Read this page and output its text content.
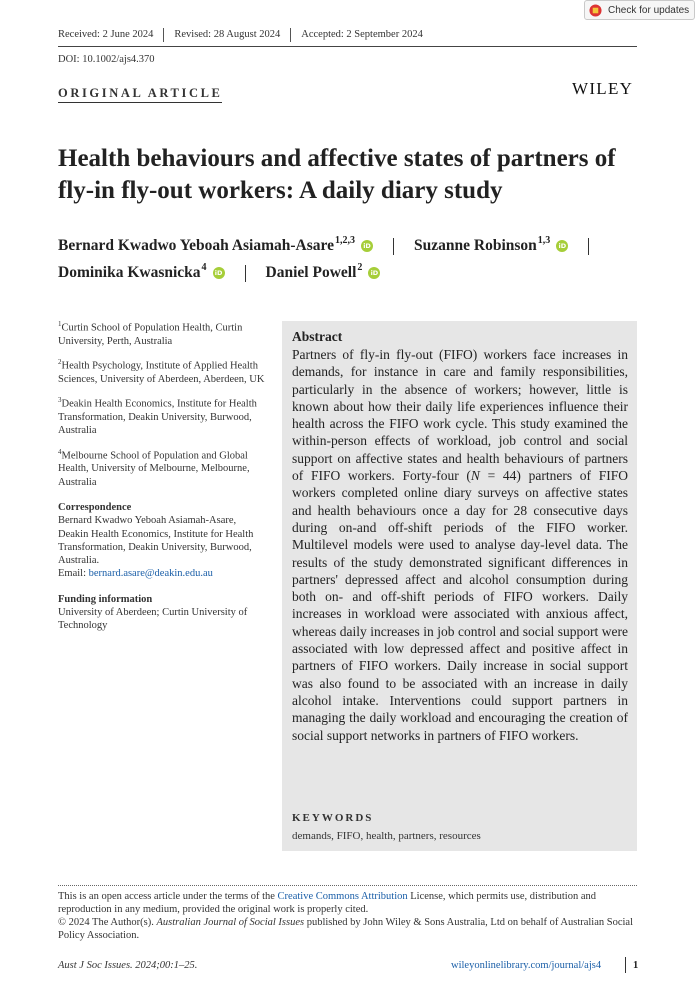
Received: 2 June 2024	Revised: 28 August 2024	Accepted: 2 September 2024
Check for updates
DOI: 10.1002/ajs4.370
ORIGINAL ARTICLE	WILEY
Health behaviours and affective states of partners of fly-in fly-out workers: A daily diary study
Bernard Kwadwo Yeboah Asiamah-Asare$^{1,2,3}$
iD	Suzanne Robinson$^{1,3}$
iD
Dominika Kwasnicka$^4$
iD	Daniel Powell$^2$
iD
$^1$Curtin School of Population Health, Curtin University, Perth, Australia
$^2$Health Psychology, Institute of Applied Health Sciences, University of Aberdeen, Aberdeen, UK
$^3$Deakin Health Economics, Institute for Health Transformation, Deakin University, Burwood, Australia
$^4$Melbourne School of Population and Global Health, University of Melbourne, Melbourne, Australia
Correspondence
Bernard Kwadwo Yeboah Asiamah-Asare, Deakin Health Economics, Institute for Health Transformation, Deakin University, Burwood, Australia.
Email: bernard.asare@deakin.edu.au
Funding information
University of Aberdeen; Curtin University of Technology
Abstract
Partners of fly-in fly-out (FIFO) workers face increases in demands, for instance in care and family responsibilities, particularly in the absence of workers; however, little is known about how their daily life experiences influence their health across the FIFO work cycle. This study examined the within-person effects of workload, job control and social support on affective states and health behaviours of partners of FIFO workers. Forty-four (N = 44) partners of FIFO workers completed online diary surveys on affective states and health behaviours once a day for 28 consecutive days during on-and off-shift periods of the FIFO worker. Multilevel models were used to analyse day-level data. The results of the study demonstrated significant differences in partners' depressed affect and alcohol consumption during both on- and off-shift periods of FIFO workers. Daily increases in workload were associated with anxious affect, whereas daily increases in job control and social support were associated with low depressed affect and positive affect in partners of FIFO workers. Daily increase in social support was also found to be associated with an increase in daily alcohol intake. Interventions could support partners in managing the daily workload and encouraging the creation of social support networks in partners of FIFO workers.
KEYWORDS
demands, FIFO, health, partners, resources
This is an open access article under the terms of the Creative Commons Attribution License, which permits use, distribution and reproduction in any medium, provided the original work is properly cited.
© 2024 The Author(s). Australian Journal of Social Issues published by John Wiley & Sons Australia, Ltd on behalf of Australian Social Policy Association.
Aust J Soc Issues. 2024;00:1–25.	wileyonlinelibrary.com/journal/ajs4	1
